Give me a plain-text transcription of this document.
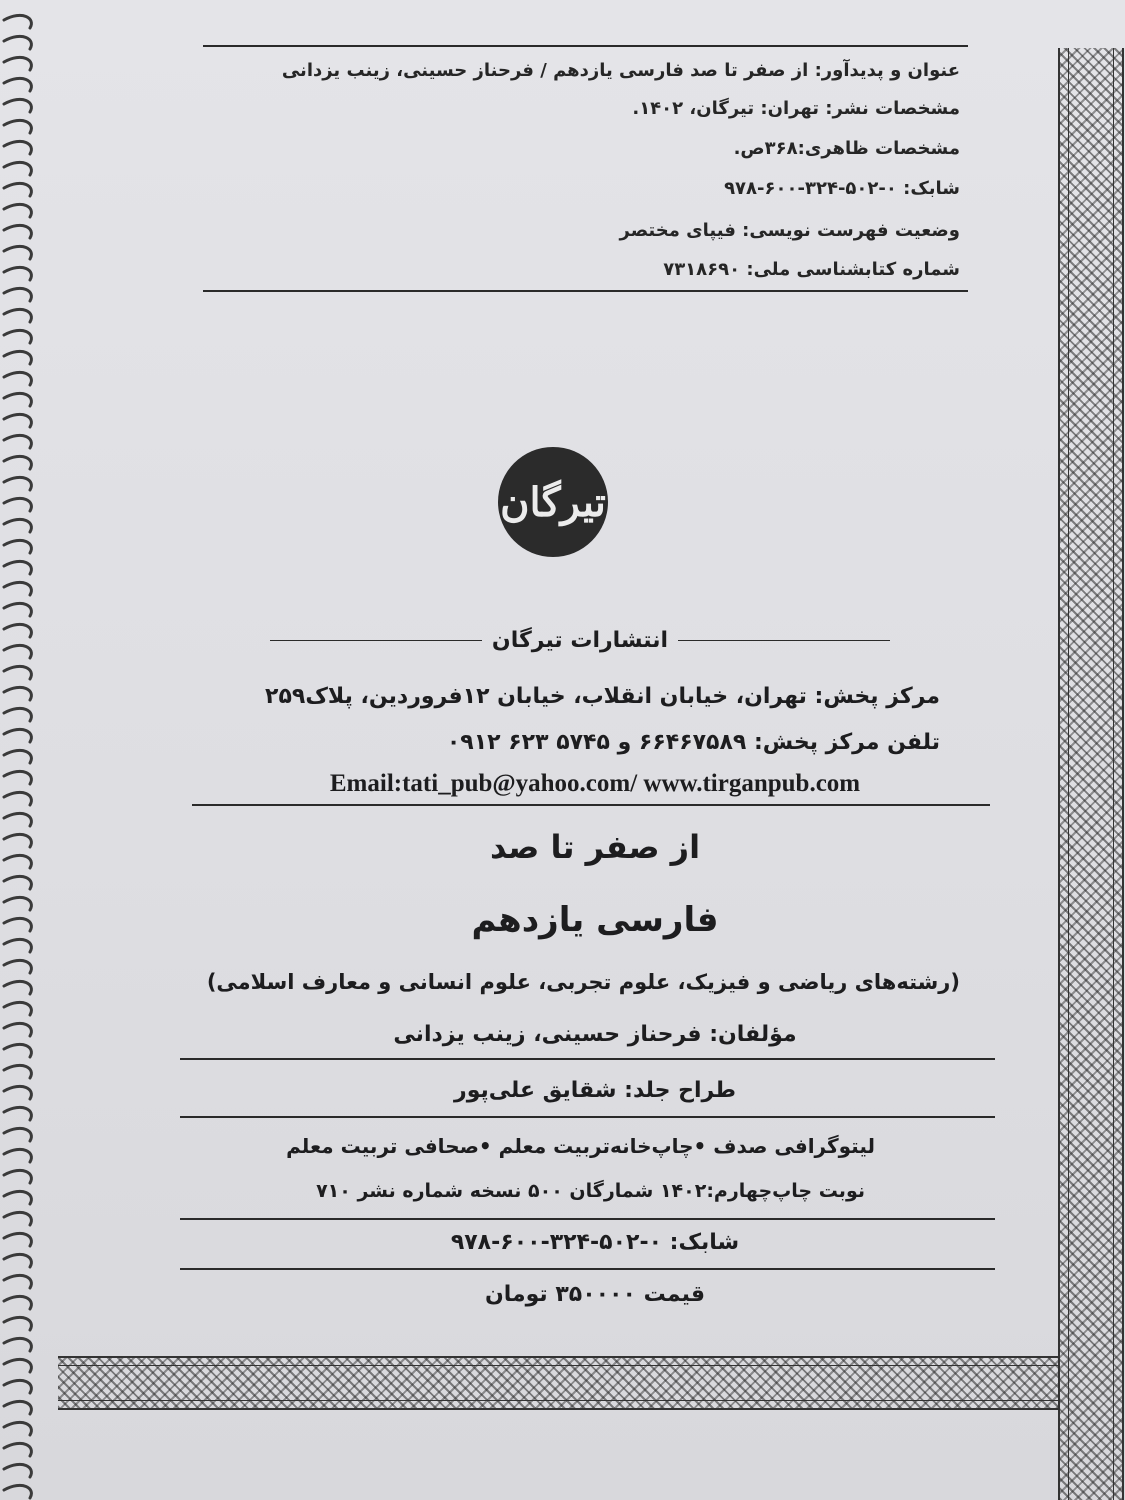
عنوان و پدیدآور: از صفر تا صد فارسی یازدهم / فرحناز حسینی، زینب یزدانی
مشخصات نشر: تهران: تیرگان، ۱۴۰۲.
مشخصات ظاهری:۳۶۸ص.
شابک: ۰-۵۰۲-۳۲۴-۶۰۰-۹۷۸
وضعیت فهرست نویسی: فیپای مختصر
شماره کتابشناسی ملی: ۷۳۱۸۶۹۰
تیرگان
انتشارات تیرگان
مرکز پخش: تهران، خیابان انقلاب، خیابان ۱۲فروردین، پلاک۲۵۹
تلفن مرکز پخش: ۶۶۴۶۷۵۸۹ و ۵۷۴۵ ۶۲۳ ۰۹۱۲
Email:tati_pub@yahoo.com/ www.tirganpub.com
از صفر تا صد
فارسی یازدهم
(رشته‌های ریاضی و فیزیک، علوم تجربی، علوم انسانی و معارف اسلامی)
مؤلفان: فرحناز حسینی، زینب یزدانی
طراح جلد: شقایق علی‌پور
لیتوگرافی صدف •چاپ‌خانه‌تربیت معلم •صحافی تربیت معلم
نوبت چاپ‌چهارم:۱۴۰۲ شمارگان ۵۰۰ نسخه شماره نشر ۷۱۰
شابک: ۰-۵۰۲-۳۲۴-۶۰۰-۹۷۸
قیمت ۳۵۰۰۰۰ تومان
